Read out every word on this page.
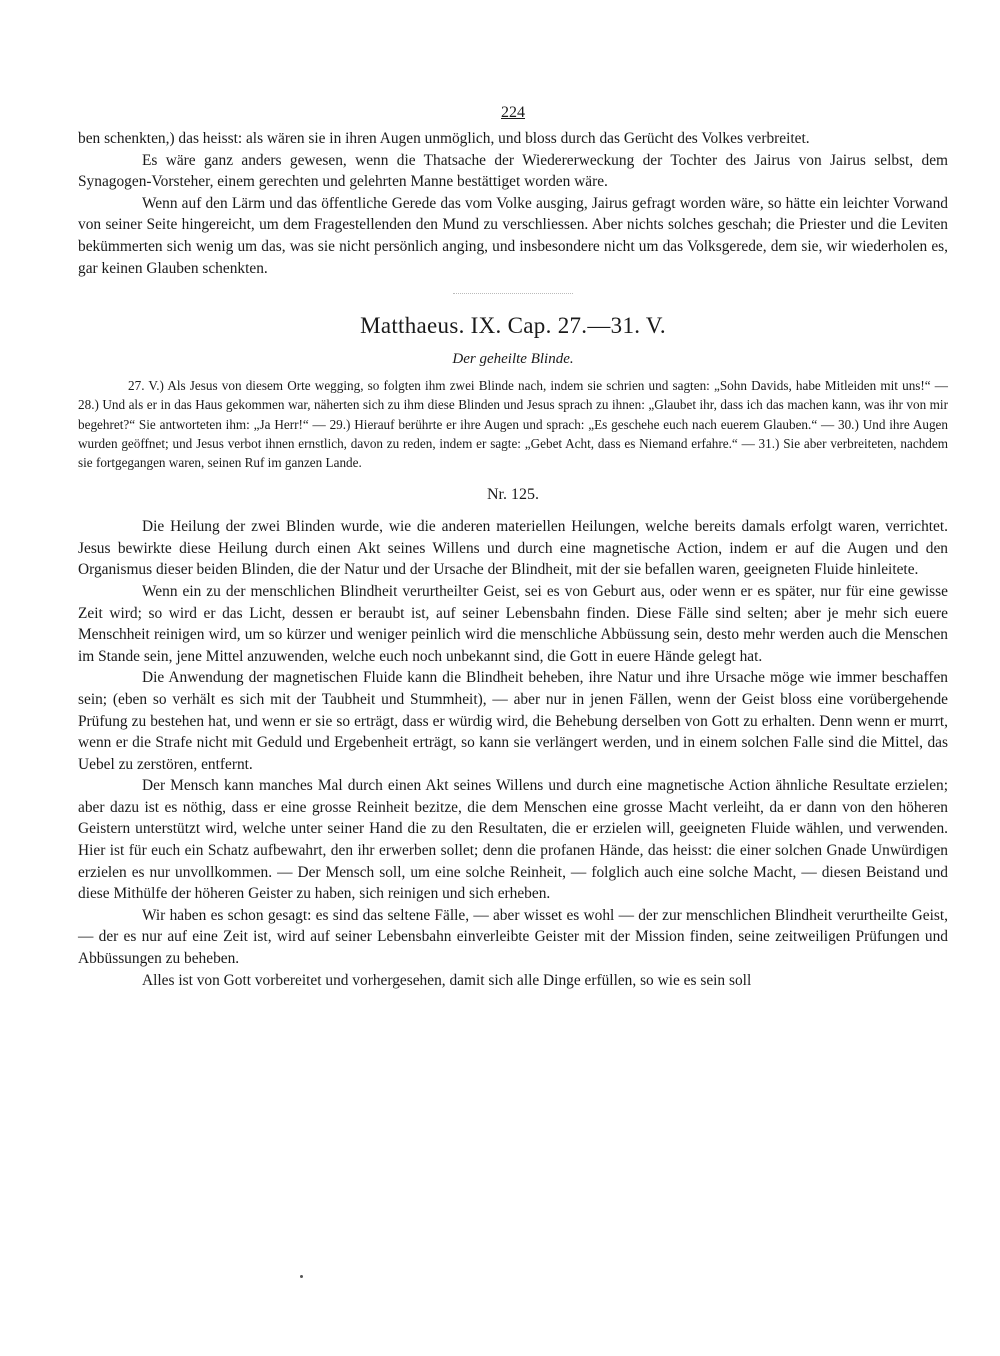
224

ben schenkten,) das heisst: als wären sie in ihren Augen unmöglich, und bloss durch das Gerücht des Volkes verbreitet.

Es wäre ganz anders gewesen, wenn die Thatsache der Wiedererweckung der Tochter des Jairus von Jairus selbst, dem Synagogen-Vorsteher, einem gerechten und gelehrten Manne bestättiget worden wäre.

Wenn auf den Lärm und das öffentliche Gerede das vom Volke ausging, Jairus gefragt worden wäre, so hätte ein leichter Vorwand von seiner Seite hingereicht, um dem Fragestellenden den Mund zu verschliessen. Aber nichts solches geschah; die Priester und die Leviten bekümmerten sich wenig um das, was sie nicht persönlich anging, und insbesondere nicht um das Volksgerede, dem sie, wir wiederholen es, gar keinen Glauben schenkten.

Matthaeus. IX. Cap. 27.—31. V.
Der geheilte Blinde.

27. V.) Als Jesus von diesem Orte wegging, so folgten ihm zwei Blinde nach, indem sie schrien und sagten: „Sohn Davids, habe Mitleiden mit uns!“ — 28.) Und als er in das Haus gekommen war, näherten sich zu ihm diese Blinden und Jesus sprach zu ihnen: „Glaubet ihr, dass ich das machen kann, was ihr von mir begehret?“ Sie antworteten ihm: „Ja Herr!“ — 29.) Hierauf berührte er ihre Augen und sprach: „Es geschehe euch nach euerem Glauben.“ — 30.) Und ihre Augen wurden geöffnet; und Jesus verbot ihnen ernstlich, davon zu reden, indem er sagte: „Gebet Acht, dass es Niemand erfahre.“ — 31.) Sie aber verbreiteten, nachdem sie fortgegangen waren, seinen Ruf im ganzen Lande.

Nr. 125.

Die Heilung der zwei Blinden wurde, wie die anderen materiellen Heilungen, welche bereits damals erfolgt waren, verrichtet. Jesus bewirkte diese Heilung durch einen Akt seines Willens und durch eine magnetische Action, indem er auf die Augen und den Organismus dieser beiden Blinden, die der Natur und der Ursache der Blindheit, mit der sie befallen waren, geeigneten Fluide hinleitete.

Wenn ein zu der menschlichen Blindheit verurtheilter Geist, sei es von Geburt aus, oder wenn er es später, nur für eine gewisse Zeit wird; so wird er das Licht, dessen er beraubt ist, auf seiner Lebensbahn finden. Diese Fälle sind selten; aber je mehr sich euere Menschheit reinigen wird, um so kürzer und weniger peinlich wird die menschliche Abbüssung sein, desto mehr werden auch die Menschen im Stande sein, jene Mittel anzuwenden, welche euch noch unbekannt sind, die Gott in euere Hände gelegt hat.

Die Anwendung der magnetischen Fluide kann die Blindheit beheben, ihre Natur und ihre Ursache möge wie immer beschaffen sein; (eben so verhält es sich mit der Taubheit und Stummheit), — aber nur in jenen Fällen, wenn der Geist bloss eine vorübergehende Prüfung zu bestehen hat, und wenn er sie so erträgt, dass er würdig wird, die Behebung derselben von Gott zu erhalten. Denn wenn er murrt, wenn er die Strafe nicht mit Geduld und Ergebenheit erträgt, so kann sie verlängert werden, und in einem solchen Falle sind die Mittel, das Uebel zu zerstören, entfernt.

Der Mensch kann manches Mal durch einen Akt seines Willens und durch eine magnetische Action ähnliche Resultate erzielen; aber dazu ist es nöthig, dass er eine grosse Reinheit bezitze, die dem Menschen eine grosse Macht verleiht, da er dann von den höheren Geistern unterstützt wird, welche unter seiner Hand die zu den Resultaten, die er erzielen will, geeigneten Fluide wählen, und verwenden. Hier ist für euch ein Schatz aufbewahrt, den ihr erwerben sollet; denn die profanen Hände, das heisst: die einer solchen Gnade Unwürdigen erzielen es nur unvollkommen. — Der Mensch soll, um eine solche Reinheit, — folglich auch eine solche Macht, — diesen Beistand und diese Mithülfe der höheren Geister zu haben, sich reinigen und sich erheben.

Wir haben es schon gesagt: es sind das seltene Fälle, — aber wisset es wohl — der zur menschlichen Blindheit verurtheilte Geist, — der es nur auf eine Zeit ist, wird auf seiner Lebensbahn einverleibte Geister mit der Mission finden, seine zeitweiligen Prüfungen und Abbüssungen zu beheben.

Alles ist von Gott vorbereitet und vorhergesehen, damit sich alle Dinge erfüllen, so wie es sein soll
